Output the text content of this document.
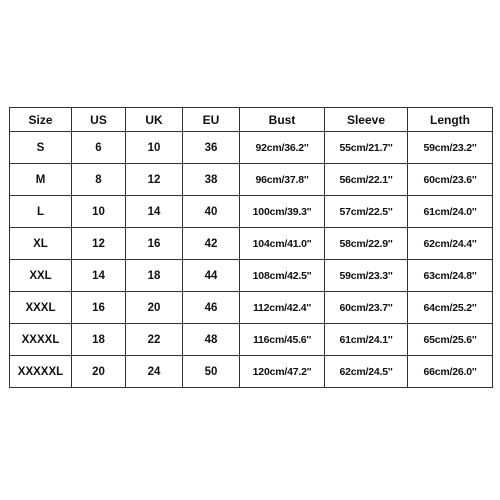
Size	US	UK	EU	Bust	Sleeve	Length
S	6	10	36	92cm/36.2''	55cm/21.7''	59cm/23.2''
M	8	12	38	96cm/37.8''	56cm/22.1''	60cm/23.6''
L	10	14	40	100cm/39.3''	57cm/22.5''	61cm/24.0''
XL	12	16	42	104cm/41.0''	58cm/22.9''	62cm/24.4''
XXL	14	18	44	108cm/42.5''	59cm/23.3''	63cm/24.8''
XXXL	16	20	46	112cm/42.4''	60cm/23.7''	64cm/25.2''
XXXXL	18	22	48	116cm/45.6''	61cm/24.1''	65cm/25.6''
XXXXXL	20	24	50	120cm/47.2''	62cm/24.5''	66cm/26.0''
